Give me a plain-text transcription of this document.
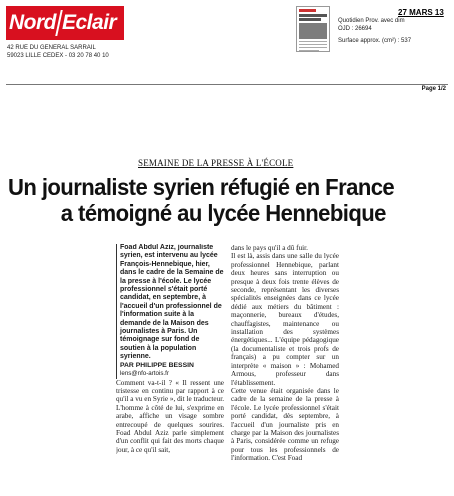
Nord Eclair
42 RUE DU GENERAL SARRAIL
59023 LILLE CEDEX - 03 20 78 40 10
27 MARS 13
Quotidien Prov. avec dim
OJD : 26694
Surface approx. (cm²) : 537
Page 1/2
SEMAINE DE LA PRESSE À L'ÉCOLE
Un journaliste syrien réfugié en France
a témoigné au lycée Hennebique

Foad Abdul Aziz, journaliste syrien, est intervenu au lycée François-Hennebique, hier, dans le cadre de la Semaine de la presse à l'école. Le lycée professionnel s'était porté candidat, en septembre, à l'accueil d'un professionnel de l'information suite à la demande de la Maison des journalistes à Paris. Un témoignage sur fond de soutien à la population syrienne.

PAR PHILIPPE BESSIN

lens@nfo-artois.fr

Comment va-t-il ? « Il ressent une tristesse en continu par rapport à ce qu'il a vu en Syrie », dit le traducteur. L'homme à côté de lui, s'exprime en arabe, affiche un visage sombre entrecoupé de quelques sourires. Foad Abdul Aziz parle simplement d'un conflit qui fait des morts chaque jour, à ce qu'il sait,

dans le pays qu'il a dû fuir.

Il est là, assis dans une salle du lycée professionnel Hennebique, parlant deux heures sans interruption ou presque à deux fois trente élèves de seconde, représentant les diverses spécialités enseignées dans ce lycée dédié aux métiers du bâtiment : maçonnerie, bureaux d'études, chauffagistes, maintenance ou installation des systèmes énergétiques... L'équipe pédagogique (la documentaliste et trois profs de français) a pu compter sur un interprète « maison » : Mohamed Armous, professeur dans l'établissement.

Cette venue était organisée dans le cadre de la semaine de la presse à l'école. Le lycée professionnel s'était porté candidat, dès septembre, à l'accueil d'un journaliste pris en charge par la Maison des journalistes à Paris, considérée comme un refuge pour tous les professionnels de l'information. C'est Foad
